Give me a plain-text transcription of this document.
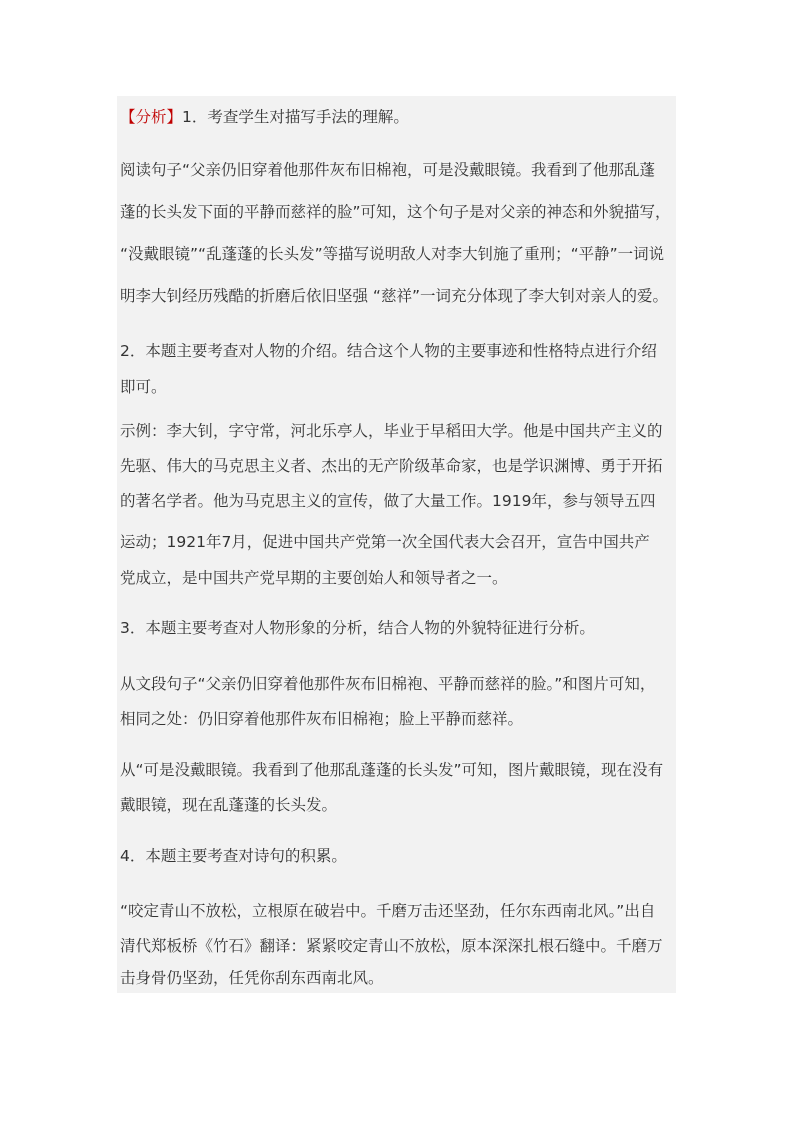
【分析】1．考查学生对描写手法的理解。
阅读句子“父亲仍旧穿着他那件灰布旧棉袍，可是没戴眼镜。我看到了他那乱蓬
蓬的长头发下面的平静而慈祥的脸”可知，这个句子是对父亲的神态和外貌描写，
“没戴眼镜”“乱蓬蓬的长头发”等描写说明敌人对李大钊施了重刑；“平静”一词说
明李大钊经历残酷的折磨后依旧坚强 “慈祥”一词充分体现了李大钊对亲人的爱。
2．本题主要考查对人物的介绍。结合这个人物的主要事迹和性格特点进行介绍
即可。
示例：李大钊，字守常，河北乐亭人，毕业于早稻田大学。他是中国共产主义的
先驱、伟大的马克思主义者、杰出的无产阶级革命家，也是学识渊博、勇于开拓
的著名学者。他为马克思主义的宣传，做了大量工作。1919年，参与领导五四
运动；1921年7月，促进中国共产党第一次全国代表大会召开，宣告中国共产
党成立，是中国共产党早期的主要创始人和领导者之一。
3．本题主要考查对人物形象的分析，结合人物的外貌特征进行分析。
从文段句子“父亲仍旧穿着他那件灰布旧棉袍、平静而慈祥的脸。”和图片可知，
相同之处：仍旧穿着他那件灰布旧棉袍；脸上平静而慈祥。
从“可是没戴眼镜。我看到了他那乱蓬蓬的长头发”可知，图片戴眼镜，现在没有
戴眼镜，现在乱蓬蓬的长头发。
4．本题主要考查对诗句的积累。
“咬定青山不放松，立根原在破岩中。千磨万击还坚劲，任尔东西南北风。”出自
清代郑板桥《竹石》翻译：紧紧咬定青山不放松，原本深深扎根石缝中。千磨万
击身骨仍坚劲，任凭你刮东西南北风。
